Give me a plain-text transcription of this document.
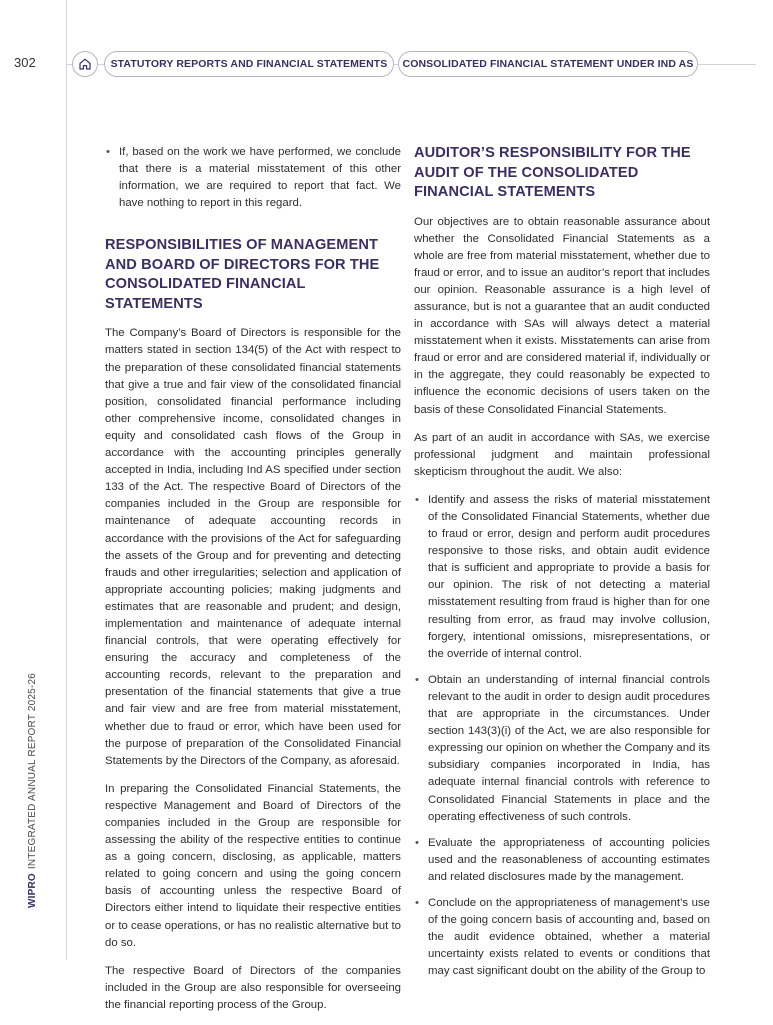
302	STATUTORY REPORTS AND FINANCIAL STATEMENTS	CONSOLIDATED FINANCIAL STATEMENT UNDER IND AS
WIPROINTEGRATED ANNUAL REPORT 2025-26
• If, based on the work we have performed, we conclude that there is a material misstatement of this other information, we are required to report that fact. We have nothing to report in this regard.
RESPONSIBILITIES OF MANAGEMENT AND BOARD OF DIRECTORS FOR THE CONSOLIDATED FINANCIAL STATEMENTS

The Company’s Board of Directors is responsible for the matters stated in section 134(5) of the Act with respect to the preparation of these consolidated financial statements that give a true and fair view of the consolidated financial position, consolidated financial performance including other comprehensive income, consolidated changes in equity and consolidated cash flows of the Group in accordance with the accounting principles generally accepted in India, including Ind AS specified under section 133 of the Act. The respective Board of Directors of the companies included in the Group are responsible for maintenance of adequate accounting records in accordance with the provisions of the Act for safeguarding the assets of the Group and for preventing and detecting frauds and other irregularities; selection and application of appropriate accounting policies; making judgments and estimates that are reasonable and prudent; and design, implementation and maintenance of adequate internal financial controls, that were operating effectively for ensuring the accuracy and completeness of the accounting records, relevant to the preparation and presentation of the financial statements that give a true and fair view and are free from material misstatement, whether due to fraud or error, which have been used for the purpose of preparation of the Consolidated Financial Statements by the Directors of the Company, as aforesaid.

In preparing the Consolidated Financial Statements, the respective Management and Board of Directors of the companies included in the Group are responsible for assessing the ability of the respective entities to continue as a going concern, disclosing, as applicable, matters related to going concern and using the going concern basis of accounting unless the respective Board of Directors either intend to liquidate their respective entities or to cease operations, or has no realistic alternative but to do so.

The respective Board of Directors of the companies included in the Group are also responsible for overseeing the financial reporting process of the Group.

AUDITOR’S RESPONSIBILITY FOR THE AUDIT OF THE CONSOLIDATED FINANCIAL STATEMENTS

Our objectives are to obtain reasonable assurance about whether the Consolidated Financial Statements as a whole are free from material misstatement, whether due to fraud or error, and to issue an auditor’s report that includes our opinion. Reasonable assurance is a high level of assurance, but is not a guarantee that an audit conducted in accordance with SAs will always detect a material misstatement when it exists. Misstatements can arise from fraud or error and are considered material if, individually or in the aggregate, they could reasonably be expected to influence the economic decisions of users taken on the basis of these Consolidated Financial Statements.

As part of an audit in accordance with SAs, we exercise professional judgment and maintain professional skepticism throughout the audit. We also:

• Identify and assess the risks of material misstatement of the Consolidated Financial Statements, whether due to fraud or error, design and perform audit procedures responsive to those risks, and obtain audit evidence that is sufficient and appropriate to provide a basis for our opinion. The risk of not detecting a material misstatement resulting from fraud is higher than for one resulting from error, as fraud may involve collusion, forgery, intentional omissions, misrepresentations, or the override of internal control.
• Obtain an understanding of internal financial controls relevant to the audit in order to design audit procedures that are appropriate in the circumstances. Under section 143(3)(i) of the Act, we are also responsible for expressing our opinion on whether the Company and its subsidiary companies incorporated in India, has adequate internal financial controls with reference to Consolidated Financial Statements in place and the operating effectiveness of such controls.
• Evaluate the appropriateness of accounting policies used and the reasonableness of accounting estimates and related disclosures made by the management.
• Conclude on the appropriateness of management’s use of the going concern basis of accounting and, based on the audit evidence obtained, whether a material uncertainty exists related to events or conditions that may cast significant doubt on the ability of the Group to
